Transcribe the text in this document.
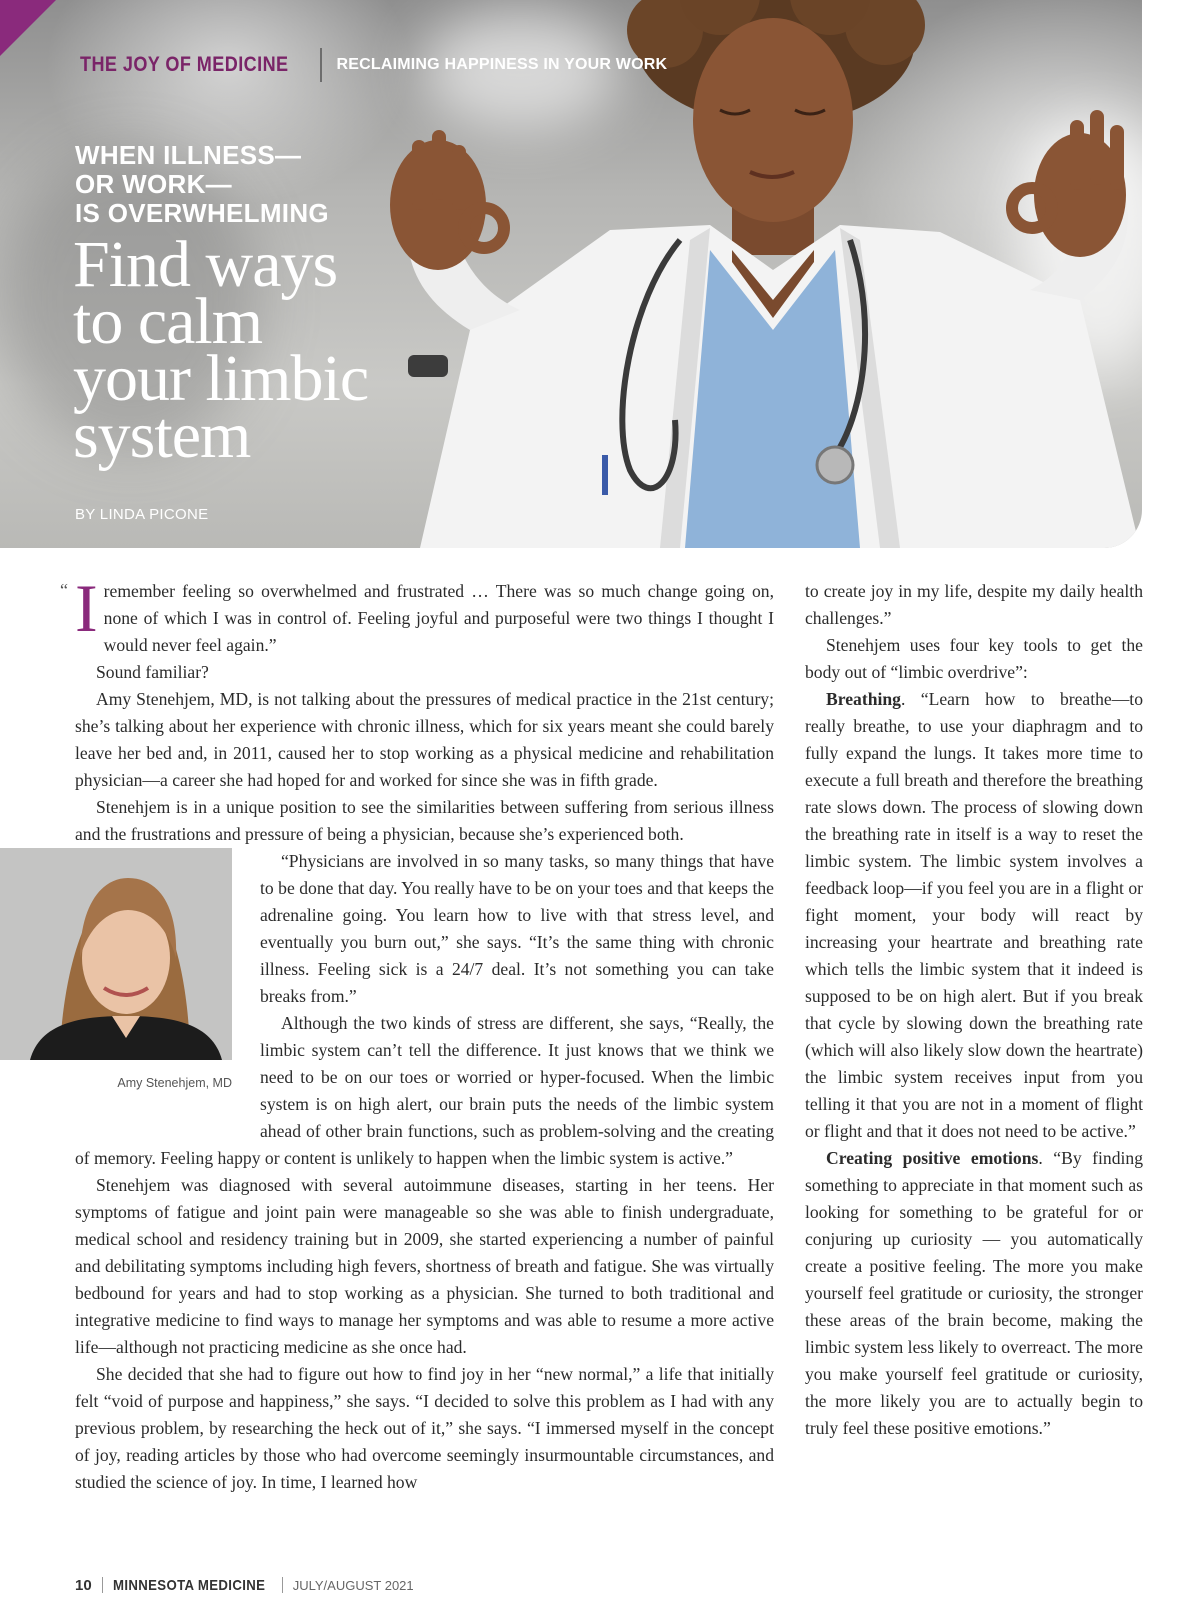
THE JOY OF MEDICINE	RECLAIMING HAPPINESS IN YOUR WORK
WHEN ILLNESS—
OR WORK—
IS OVERWHELMING
Find ways
to calm
your limbic
system
BY LINDA PICONE
“ Iremember feeling so overwhelmed and frustrated … There was so much change going on, none of which I was in control of. Feeling joyful and purposeful were two things I thought I would never feel again.”

Sound familiar?

Amy Stenehjem, MD, is not talking about the pressures of medical practice in the 21st century; she’s talking about her experience with chronic illness, which for six years meant she could barely leave her bed and, in 2011, caused her to stop working as a physical medicine and rehabilitation physician—a career she had hoped for and worked for since she was in fifth grade.

Stenehjem is in a unique position to see the similarities between suffering from serious illness and the frustrations and pressure of being a physician, because she’s experienced both.

Amy Stenehjem, MD

“Physicians are involved in so many tasks, so many things that have to be done that day. You really have to be on your toes and that keeps the adrenaline going. You learn how to live with that stress level, and eventually you burn out,” she says. “It’s the same thing with chronic illness. Feeling sick is a 24/7 deal. It’s not something you can take breaks from.”

Although the two kinds of stress are different, she says, “Really, the limbic system can’t tell the difference. It just knows that we think we need to be on our toes or worried or hyper-focused. When the limbic system is on high alert, our brain puts the needs of the limbic system ahead of other brain functions, such as problem-solving and the creating of memory. Feeling happy or content is unlikely to happen when the limbic system is active.”

Stenehjem was diagnosed with several autoimmune diseases, starting in her teens. Her symptoms of fatigue and joint pain were manageable so she was able to finish undergraduate, medical school and residency training but in 2009, she started experiencing a number of painful and debilitating symptoms including high fevers, shortness of breath and fatigue. She was virtually bedbound for years and had to stop working as a physician. She turned to both traditional and integrative medicine to find ways to manage her symptoms and was able to resume a more active life—although not practicing medicine as she once had.

She decided that she had to figure out how to find joy in her “new normal,” a life that initially felt “void of purpose and happiness,” she says. “I decided to solve this problem as I had with any previous problem, by researching the heck out of it,” she says. “I immersed myself in the concept of joy, reading articles by those who had overcome seemingly insurmountable circumstances, and studied the science of joy. In time, I learned how

to create joy in my life, despite my daily health challenges.”

Stenehjem uses four key tools to get the body out of “limbic overdrive”:

Breathing. “Learn how to breathe—to really breathe, to use your diaphragm and to fully expand the lungs. It takes more time to execute a full breath and therefore the breathing rate slows down. The process of slowing down the breathing rate in itself is a way to reset the limbic system. The limbic system involves a feedback loop—if you feel you are in a flight or fight moment, your body will react by increasing your heartrate and breathing rate which tells the limbic system that it indeed is supposed to be on high alert. But if you break that cycle by slowing down the breathing rate (which will also likely slow down the heartrate) the limbic system receives input from you telling it that you are not in a moment of flight or flight and that it does not need to be active.”

Creating positive emotions. “By finding something to appreciate in that moment such as looking for something to be grateful for or conjuring up curiosity — you automatically create a positive feeling. The more you make yourself feel gratitude or curiosity, the stronger these areas of the brain become, making the limbic system less likely to overreact. The more you make yourself feel gratitude or curiosity, the more likely you are to actually begin to truly feel these positive emotions.”

10 MINNESOTA MEDICINE JULY/AUGUST 2021
